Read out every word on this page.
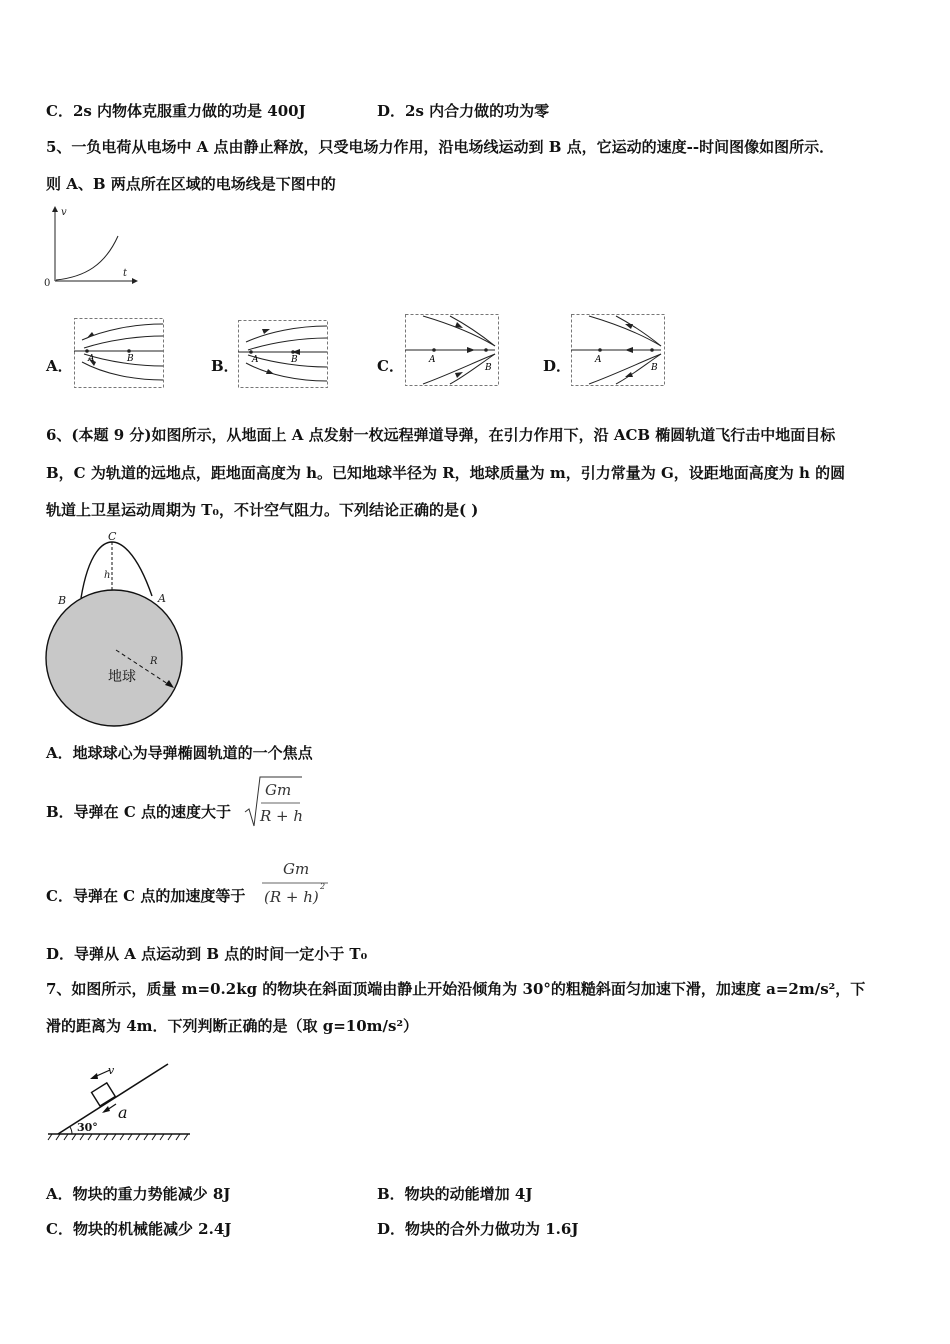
C．2s 内物体克服重力做的功是 400J	D．2s 内合力做的功为零
5、一负电荷从电场中 A 点由静止释放，只受电场力作用，沿电场线运动到 B 点，它运动的速度--时间图像如图所示．
则 A、B 两点所在区域的电场线是下图中的
v
t
0
A． A	B	B． A	B	C．	A
B	D．	A
B
6、(本题 9 分)如图所示，从地面上 A 点发射一枚远程弹道导弹，在引力作用下，沿 ACB 椭圆轨道飞行击中地面目标
B，C 为轨道的远地点，距地面高度为 h。已知地球半径为 R，地球质量为 m，引力常量为 G，设距地面高度为 h 的圆
轨道上卫星运动周期为 T₀，不计空气阻力。下列结论正确的是( )
C
h
B	A
R
地球
A．地球球心为导弹椭圆轨道的一个焦点
B．导弹在 C 点的速度大于
Gm
R + h
C．导弹在 C 点的加速度等于
Gm
(R + h)
2
D．导弹从 A 点运动到 B 点的时间一定小于 T₀
7、如图所示，质量 m=0.2kg 的物块在斜面顶端由静止开始沿倾角为 30°的粗糙斜面匀加速下滑，加速度 a=2m/s²，下
滑的距离为 4m．下列判断正确的是（取 g=10m/s²）
v
a
30°
A．物块的重力势能减少 8J	B．物块的动能增加 4J
C．物块的机械能减少 2.4J	D．物块的合外力做功为 1.6J
